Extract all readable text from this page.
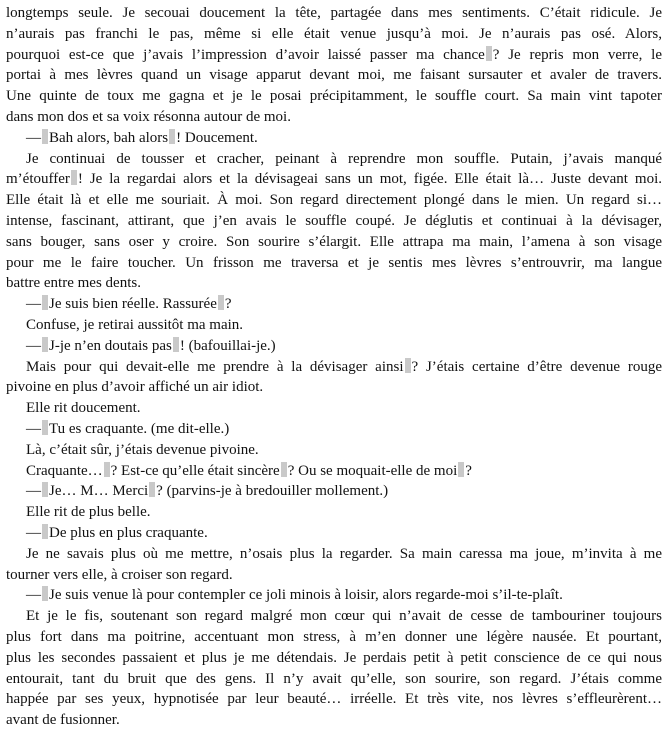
longtemps seule. Je secouai doucement la tête, partagée dans mes sentiments. C’était ridicule. Je
n’aurais pas franchi le pas, même si elle était venue jusqu’à moi. Je n’aurais pas osé. Alors,
pourquoi est-ce que j’avais l’impression d’avoir laissé passer ma chance ? Je repris mon verre, le
portai à mes lèvres quand un visage apparut devant moi, me faisant sursauter et avaler de travers.
Une quinte de toux me gagna et je le posai précipitamment, le souffle court. Sa main vint tapoter
dans mon dos et sa voix résonna autour de moi.
— Bah alors, bah alors ! Doucement.
Je continuai de tousser et cracher, peinant à reprendre mon souffle. Putain, j’avais manqué
m’étouffer ! Je la regardai alors et la dévisageai sans un mot, figée. Elle était là… Juste devant moi.
Elle était là et elle me souriait. À moi. Son regard directement plongé dans le mien. Un regard si…
intense, fascinant, attirant, que j’en avais le souffle coupé. Je déglutis et continuai à la dévisager,
sans bouger, sans oser y croire. Son sourire s’élargit. Elle attrapa ma main, l’amena à son visage
pour me le faire toucher. Un frisson me traversa et je sentis mes lèvres s’entrouvrir, ma langue
battre entre mes dents.
— Je suis bien réelle. Rassurée ?
Confuse, je retirai aussitôt ma main.
— J-je n’en doutais pas ! (bafouillai-je.)
Mais pour qui devait-elle me prendre à la dévisager ainsi ? J’étais certaine d’être devenue rouge
pivoine en plus d’avoir affiché un air idiot.
Elle rit doucement.
— Tu es craquante. (me dit-elle.)
Là, c’était sûr, j’étais devenue pivoine.
Craquante… ? Est-ce qu’elle était sincère ? Ou se moquait-elle de moi ?
— Je… M… Merci ? (parvins-je à bredouiller mollement.)
Elle rit de plus belle.
— De plus en plus craquante.
Je ne savais plus où me mettre, n’osais plus la regarder. Sa main caressa ma joue, m’invita à me
tourner vers elle, à croiser son regard.
— Je suis venue là pour contempler ce joli minois à loisir, alors regarde-moi s’il-te-plaît.
Et je le fis, soutenant son regard malgré mon cœur qui n’avait de cesse de tambouriner toujours
plus fort dans ma poitrine, accentuant mon stress, à m’en donner une légère nausée. Et pourtant,
plus les secondes passaient et plus je me détendais. Je perdais petit à petit conscience de ce qui nous
entourait, tant du bruit que des gens. Il n’y avait qu’elle, son sourire, son regard. J’étais comme
happée par ses yeux, hypnotisée par leur beauté… irréelle. Et très vite, nos lèvres s’effleurèrent…
avant de fusionner.
